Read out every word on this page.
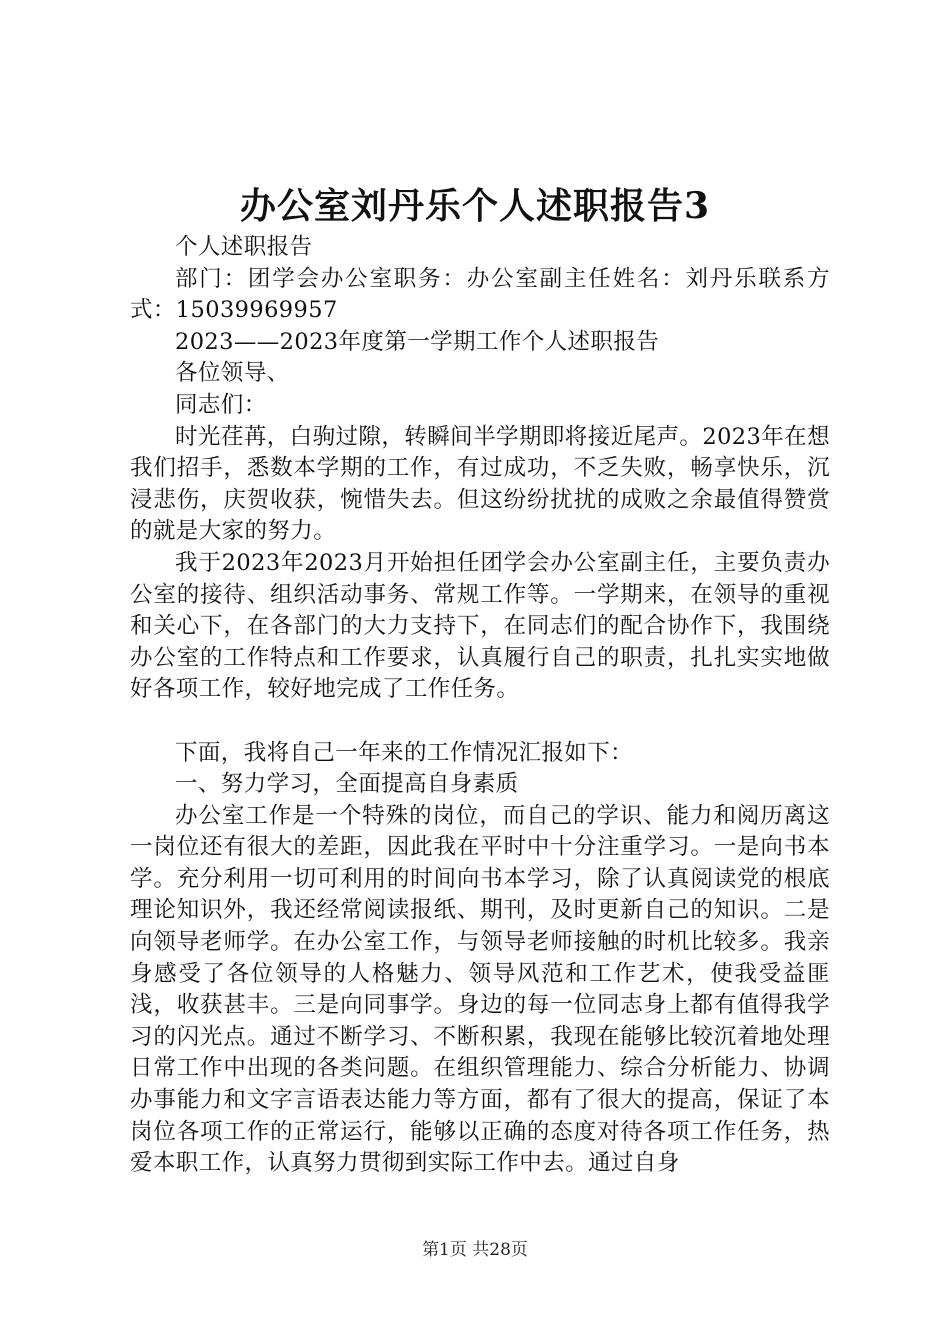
办公室刘丹乐个人述职报告3

个人述职报告

部门：团学会办公室职务：办公室副主任姓名：刘丹乐联系方式：15039969957

2023——2023年度第一学期工作个人述职报告

各位领导、

同志们：

时光荏苒，白驹过隙，转瞬间半学期即将接近尾声。2023年在想我们招手，悉数本学期的工作，有过成功，不乏失败，畅享快乐，沉浸悲伤，庆贺收获，惋惜失去。但这纷纷扰扰的成败之余最值得赞赏的就是大家的努力。

我于2023年2023月开始担任团学会办公室副主任，主要负责办公室的接待、组织活动事务、常规工作等。一学期来，在领导的重视和关心下，在各部门的大力支持下，在同志们的配合协作下，我围绕办公室的工作特点和工作要求，认真履行自己的职责，扎扎实实地做好各项工作，较好地完成了工作任务。

下面，我将自己一年来的工作情况汇报如下：

一、努力学习，全面提高自身素质

办公室工作是一个特殊的岗位，而自己的学识、能力和阅历离这一岗位还有很大的差距，因此我在平时中十分注重学习。一是向书本学。充分利用一切可利用的时间向书本学习，除了认真阅读党的根底理论知识外，我还经常阅读报纸、期刊，及时更新自己的知识。二是向领导老师学。在办公室工作，与领导老师接触的时机比较多。我亲身感受了各位领导的人格魅力、领导风范和工作艺术，使我受益匪浅，收获甚丰。三是向同事学。身边的每一位同志身上都有值得我学习的闪光点。通过不断学习、不断积累，我现在能够比较沉着地处理日常工作中出现的各类问题。在组织管理能力、综合分析能力、协调办事能力和文字言语表达能力等方面，都有了很大的提高，保证了本岗位各项工作的正常运行，能够以正确的态度对待各项工作任务，热爱本职工作，认真努力贯彻到实际工作中去。通过自身

第1页 共28页
